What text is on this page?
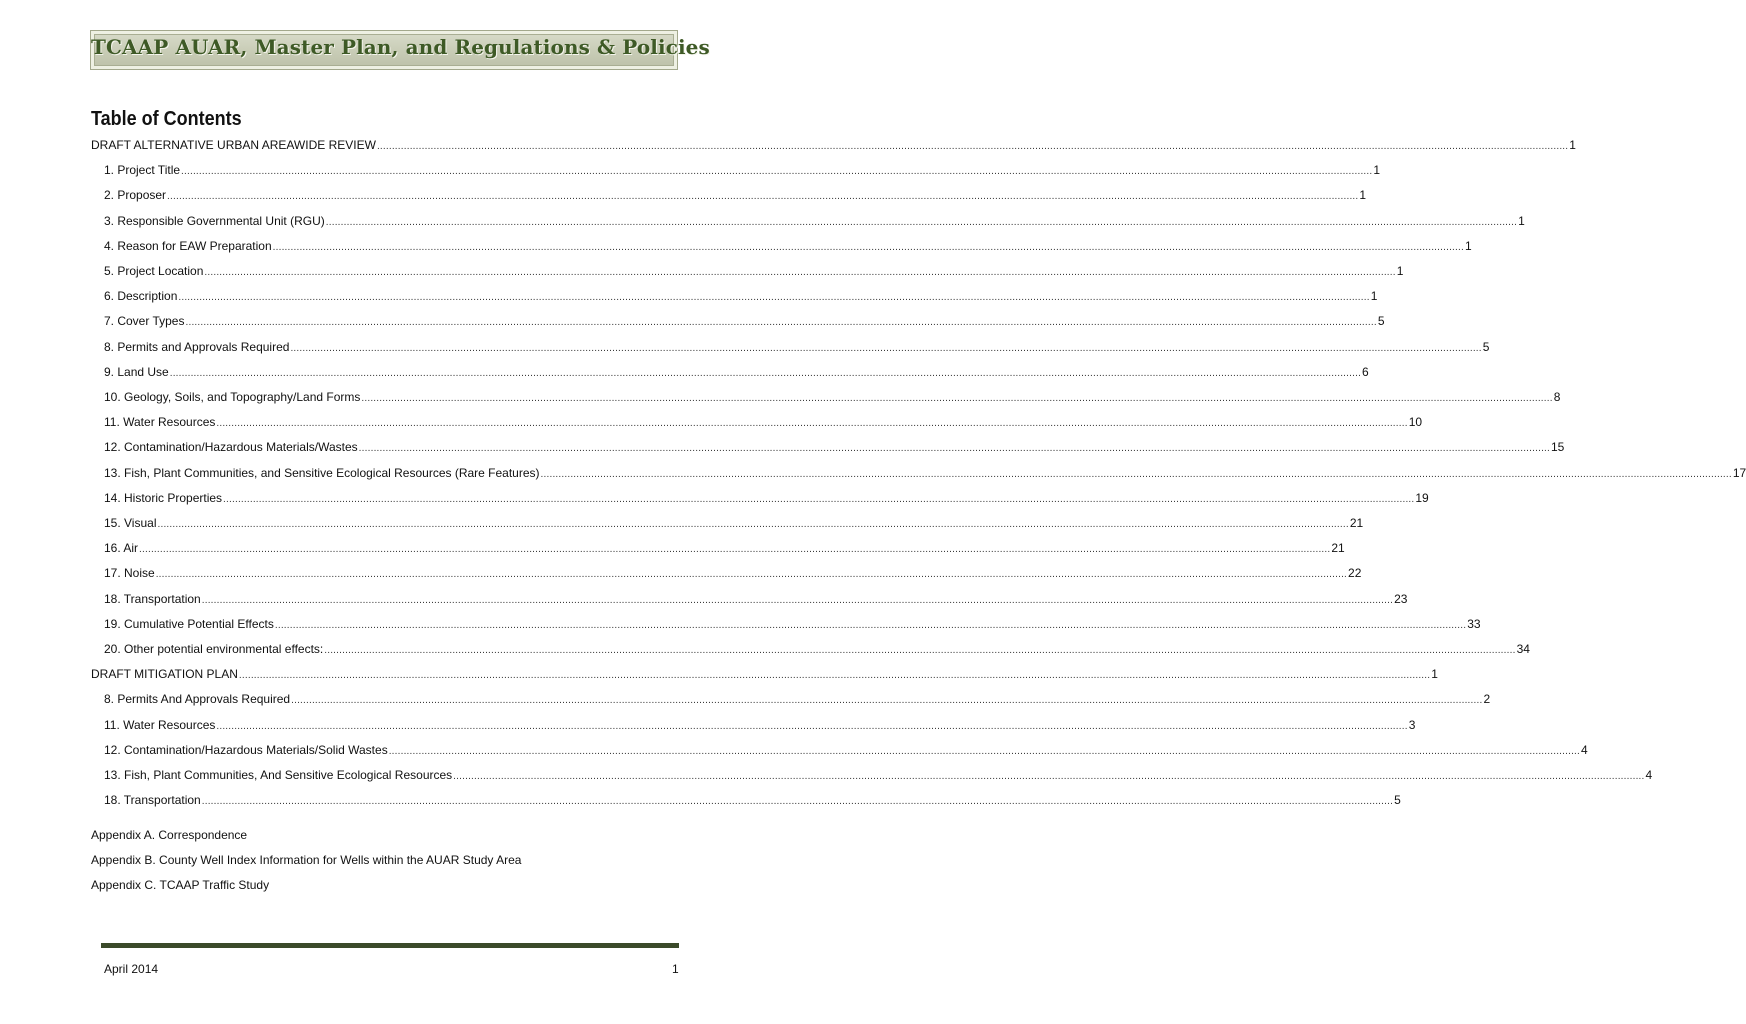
TCAAP AUAR, Master Plan, and Regulations & Policies
Table of Contents
DRAFT ALTERNATIVE URBAN AREAWIDE REVIEW ................................................................................................................................................................................................................................................................................................................................................................................................................ 1
1. Project Title ................................................................................................................................................................................................................................................................................................................................................................................................................ 1
2. Proposer ................................................................................................................................................................................................................................................................................................................................................................................................................ 1
3. Responsible Governmental Unit (RGU) ................................................................................................................................................................................................................................................................................................................................................................................................................ 1
4. Reason for EAW Preparation ................................................................................................................................................................................................................................................................................................................................................................................................................ 1
5. Project Location ................................................................................................................................................................................................................................................................................................................................................................................................................ 1
6. Description ................................................................................................................................................................................................................................................................................................................................................................................................................ 1
7. Cover Types ................................................................................................................................................................................................................................................................................................................................................................................................................ 5
8. Permits and Approvals Required ................................................................................................................................................................................................................................................................................................................................................................................................................ 5
9. Land Use ................................................................................................................................................................................................................................................................................................................................................................................................................ 6
10. Geology, Soils, and Topography/Land Forms ................................................................................................................................................................................................................................................................................................................................................................................................................ 8
11. Water Resources ................................................................................................................................................................................................................................................................................................................................................................................................................ 10
12. Contamination/Hazardous Materials/Wastes ................................................................................................................................................................................................................................................................................................................................................................................................................ 15
13. Fish, Plant Communities, and Sensitive Ecological Resources (Rare Features) ................................................................................................................................................................................................................................................................................................................................................................................................................ 17
14. Historic Properties ................................................................................................................................................................................................................................................................................................................................................................................................................ 19
15. Visual ................................................................................................................................................................................................................................................................................................................................................................................................................ 21
16. Air ................................................................................................................................................................................................................................................................................................................................................................................................................ 21
17. Noise ................................................................................................................................................................................................................................................................................................................................................................................................................ 22
18. Transportation ................................................................................................................................................................................................................................................................................................................................................................................................................ 23
19. Cumulative Potential Effects ................................................................................................................................................................................................................................................................................................................................................................................................................ 33
20. Other potential environmental effects: ................................................................................................................................................................................................................................................................................................................................................................................................................ 34
DRAFT MITIGATION PLAN ................................................................................................................................................................................................................................................................................................................................................................................................................ 1
8. Permits And Approvals Required ................................................................................................................................................................................................................................................................................................................................................................................................................ 2
11. Water Resources ................................................................................................................................................................................................................................................................................................................................................................................................................ 3
12. Contamination/Hazardous Materials/Solid Wastes ................................................................................................................................................................................................................................................................................................................................................................................................................ 4
13. Fish, Plant Communities, And Sensitive Ecological Resources ................................................................................................................................................................................................................................................................................................................................................................................................................ 4
18. Transportation ................................................................................................................................................................................................................................................................................................................................................................................................................ 5
Appendix A. Correspondence
Appendix B. County Well Index Information for Wells within the AUAR Study Area
Appendix C. TCAAP Traffic Study
April 2014	1
